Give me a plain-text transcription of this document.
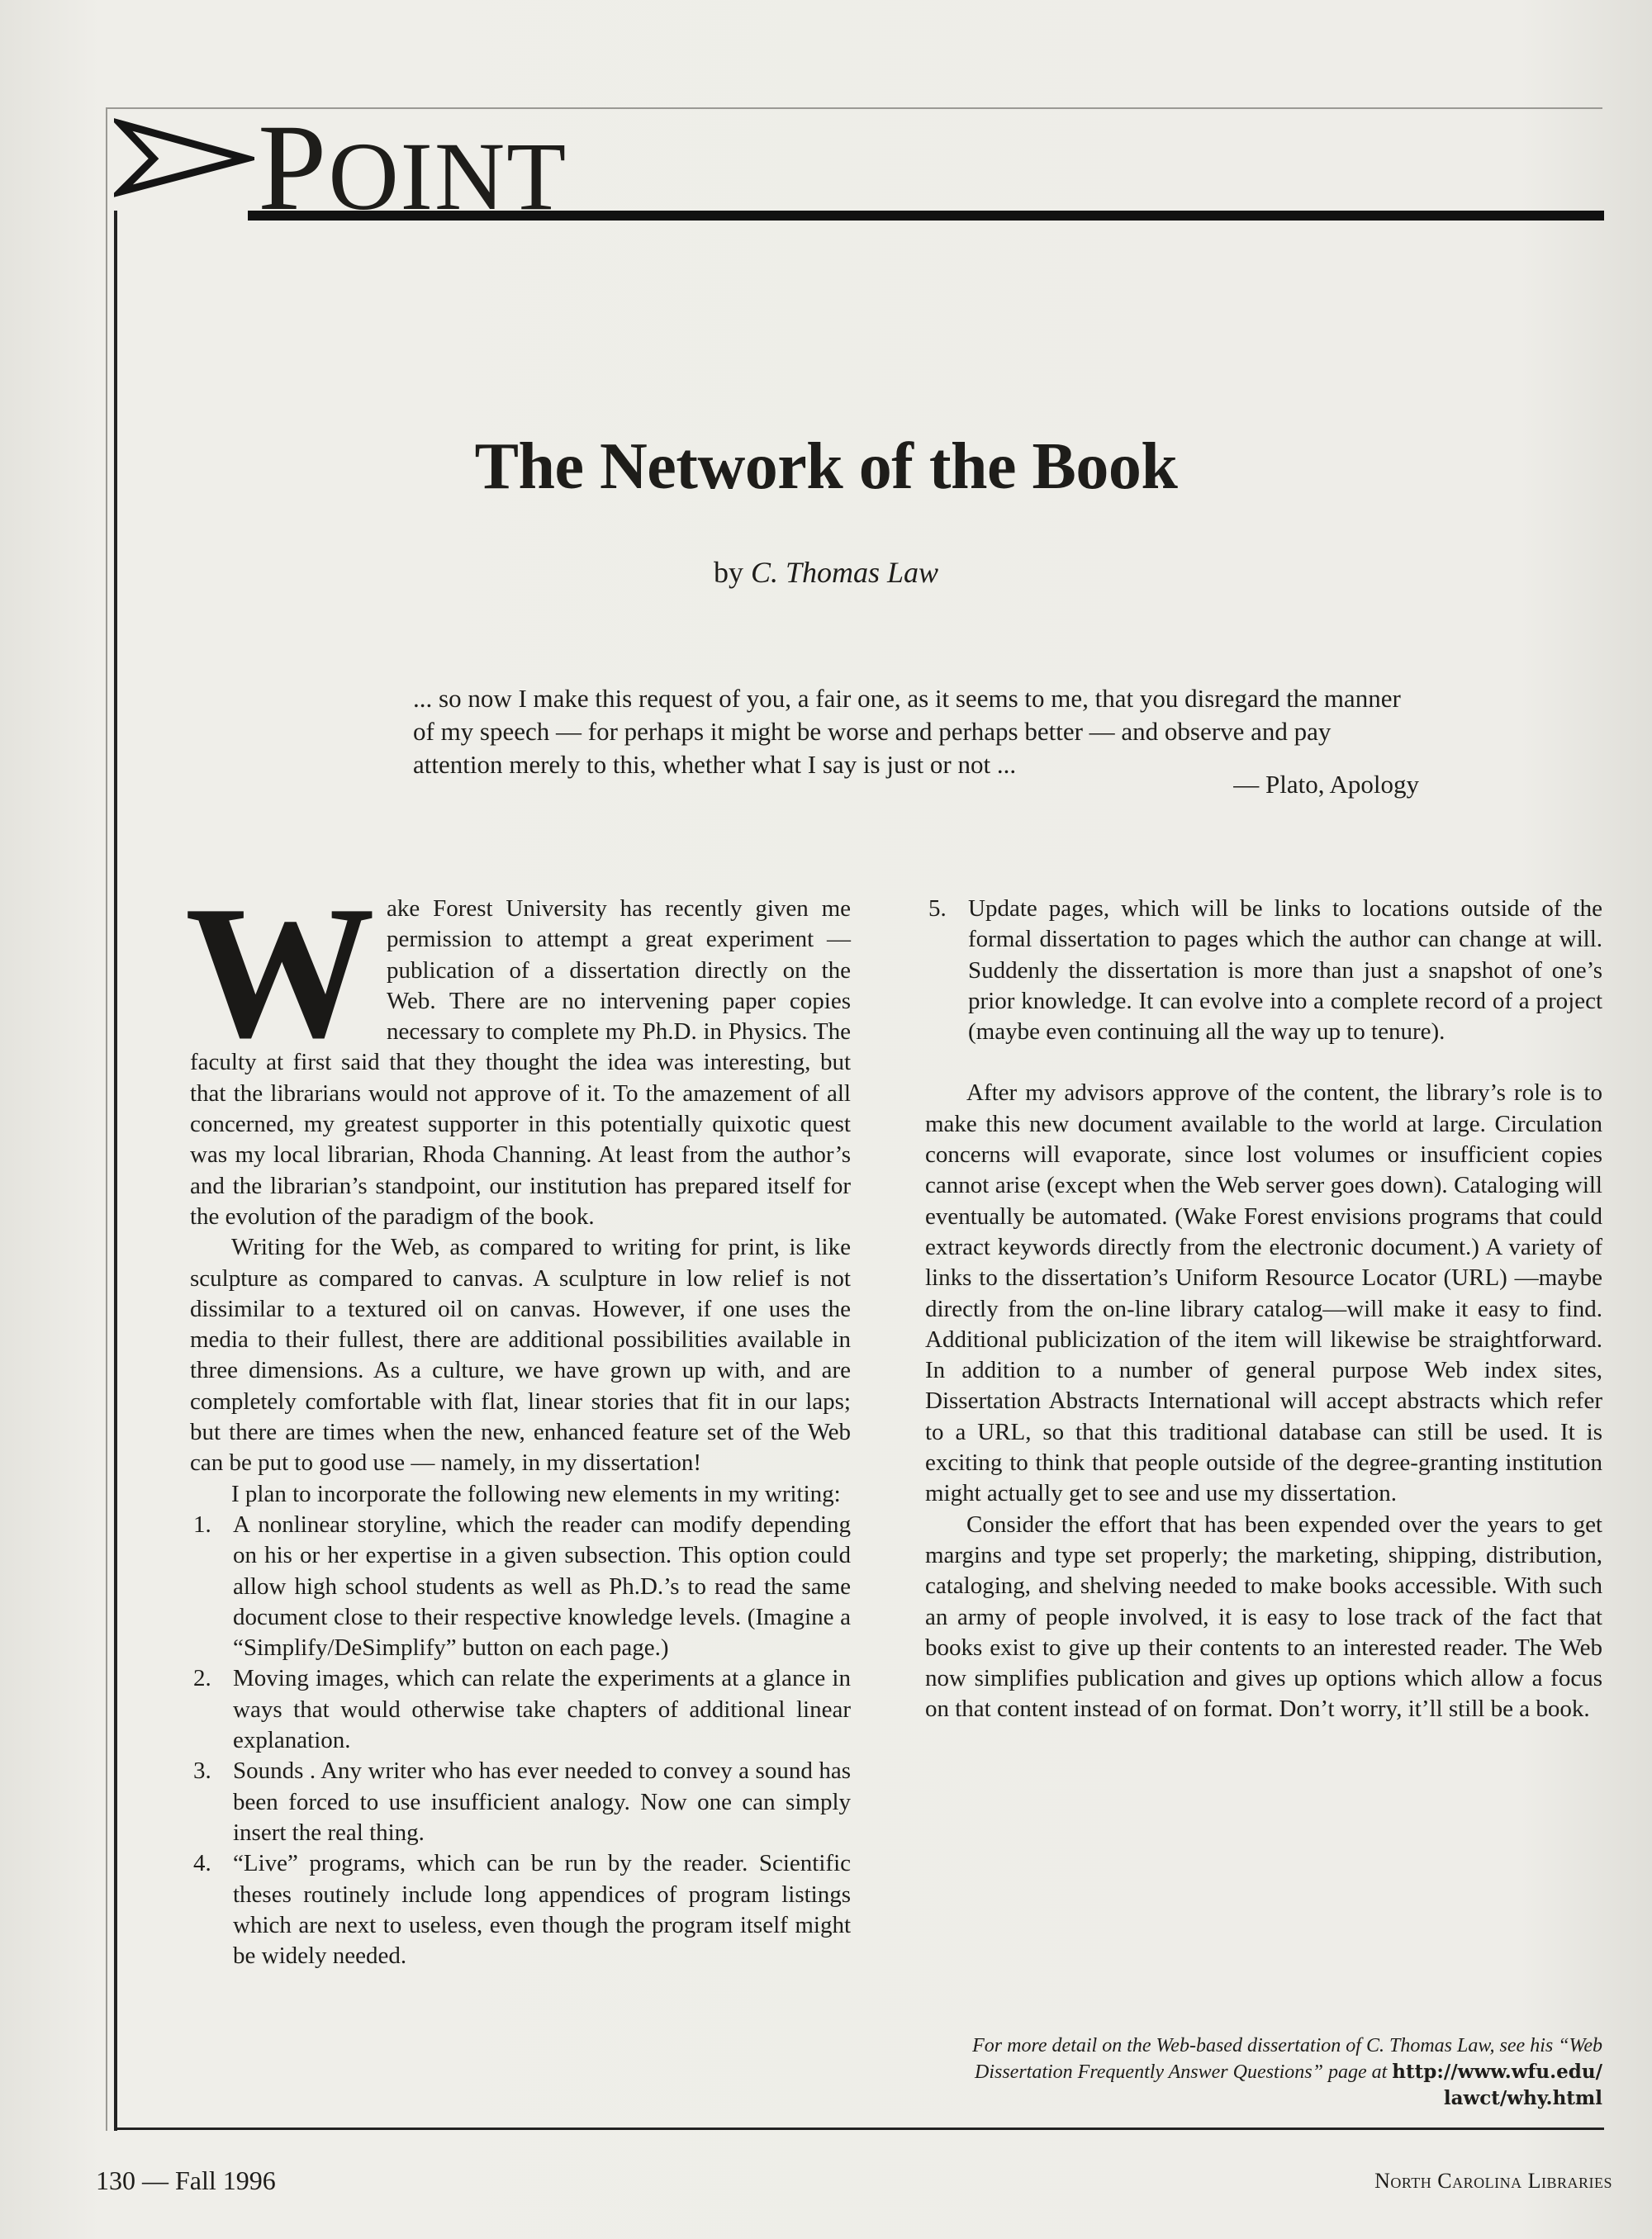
POINT
The Network of the Book
by C. Thomas Law

... so now I make this request of you, a fair one, as it seems to me, that you disregard the manner of my speech — for perhaps it might be worse and perhaps better — and observe and pay attention merely to this, whether what I say is just or not ...

— Plato, Apology

Wake Forest University has recently given me permission to attempt a great experiment —publication of a dissertation directly on the Web. There are no intervening paper copies necessary to complete my Ph.D. in Physics. The faculty at first said that they thought the idea was interesting, but that the librarians would not approve of it. To the amazement of all concerned, my greatest supporter in this potentially quixotic quest was my local librarian, Rhoda Channing. At least from the author’s and the librarian’s standpoint, our institution has prepared itself for the evolution of the paradigm of the book.

Writing for the Web, as compared to writing for print, is like sculpture as compared to canvas. A sculpture in low relief is not dissimilar to a textured oil on canvas. However, if one uses the media to their fullest, there are additional possibilities available in three dimensions. As a culture, we have grown up with, and are completely comfortable with flat, linear stories that fit in our laps; but there are times when the new, enhanced feature set of the Web can be put to good use — namely, in my dissertation!

I plan to incorporate the following new elements in my writing:

1. A nonlinear storyline, which the reader can modify depending on his or her expertise in a given subsection. This option could allow high school students as well as Ph.D.’s to read the same document close to their respective knowledge levels. (Imagine a “Simplify/DeSimplify” button on each page.)
2. Moving images, which can relate the experiments at a glance in ways that would otherwise take chapters of additional linear explanation.
3. Sounds . Any writer who has ever needed to convey a sound has been forced to use insufficient analogy. Now one can simply insert the real thing.
4. “Live” programs, which can be run by the reader. Scientific theses routinely include long appendices of program listings which are next to useless, even though the program itself might be widely needed.
5. Update pages, which will be links to locations outside of the formal dissertation to pages which the author can change at will. Suddenly the dissertation is more than just a snapshot of one’s prior knowledge. It can evolve into a complete record of a project (maybe even continuing all the way up to tenure).

After my advisors approve of the content, the library’s role is to make this new document available to the world at large. Circulation concerns will evaporate, since lost volumes or insufficient copies cannot arise (except when the Web server goes down). Cataloging will eventually be automated. (Wake Forest envisions programs that could extract keywords directly from the electronic document.) A variety of links to the dissertation’s Uniform Resource Locator (URL) —maybe directly from the on-line library catalog—will make it easy to find. Additional publicization of the item will likewise be straightforward. In addition to a number of general purpose Web index sites, Dissertation Abstracts International will accept abstracts which refer to a URL, so that this traditional database can still be used. It is exciting to think that people outside of the degree-granting institution might actually get to see and use my dissertation.

Consider the effort that has been expended over the years to get margins and type set properly; the marketing, shipping, distribution, cataloging, and shelving needed to make books accessible. With such an army of people involved, it is easy to lose track of the fact that books exist to give up their contents to an interested reader. The Web now simplifies publication and gives up options which allow a focus on that content instead of on format. Don’t worry, it’ll still be a book.

For more detail on the Web-based dissertation of C. Thomas Law, see his “Web Dissertation Frequently Answer Questions” page at http://www.wfu.edu/ lawct/why.html
130 — Fall 1996	North Carolina Libraries
